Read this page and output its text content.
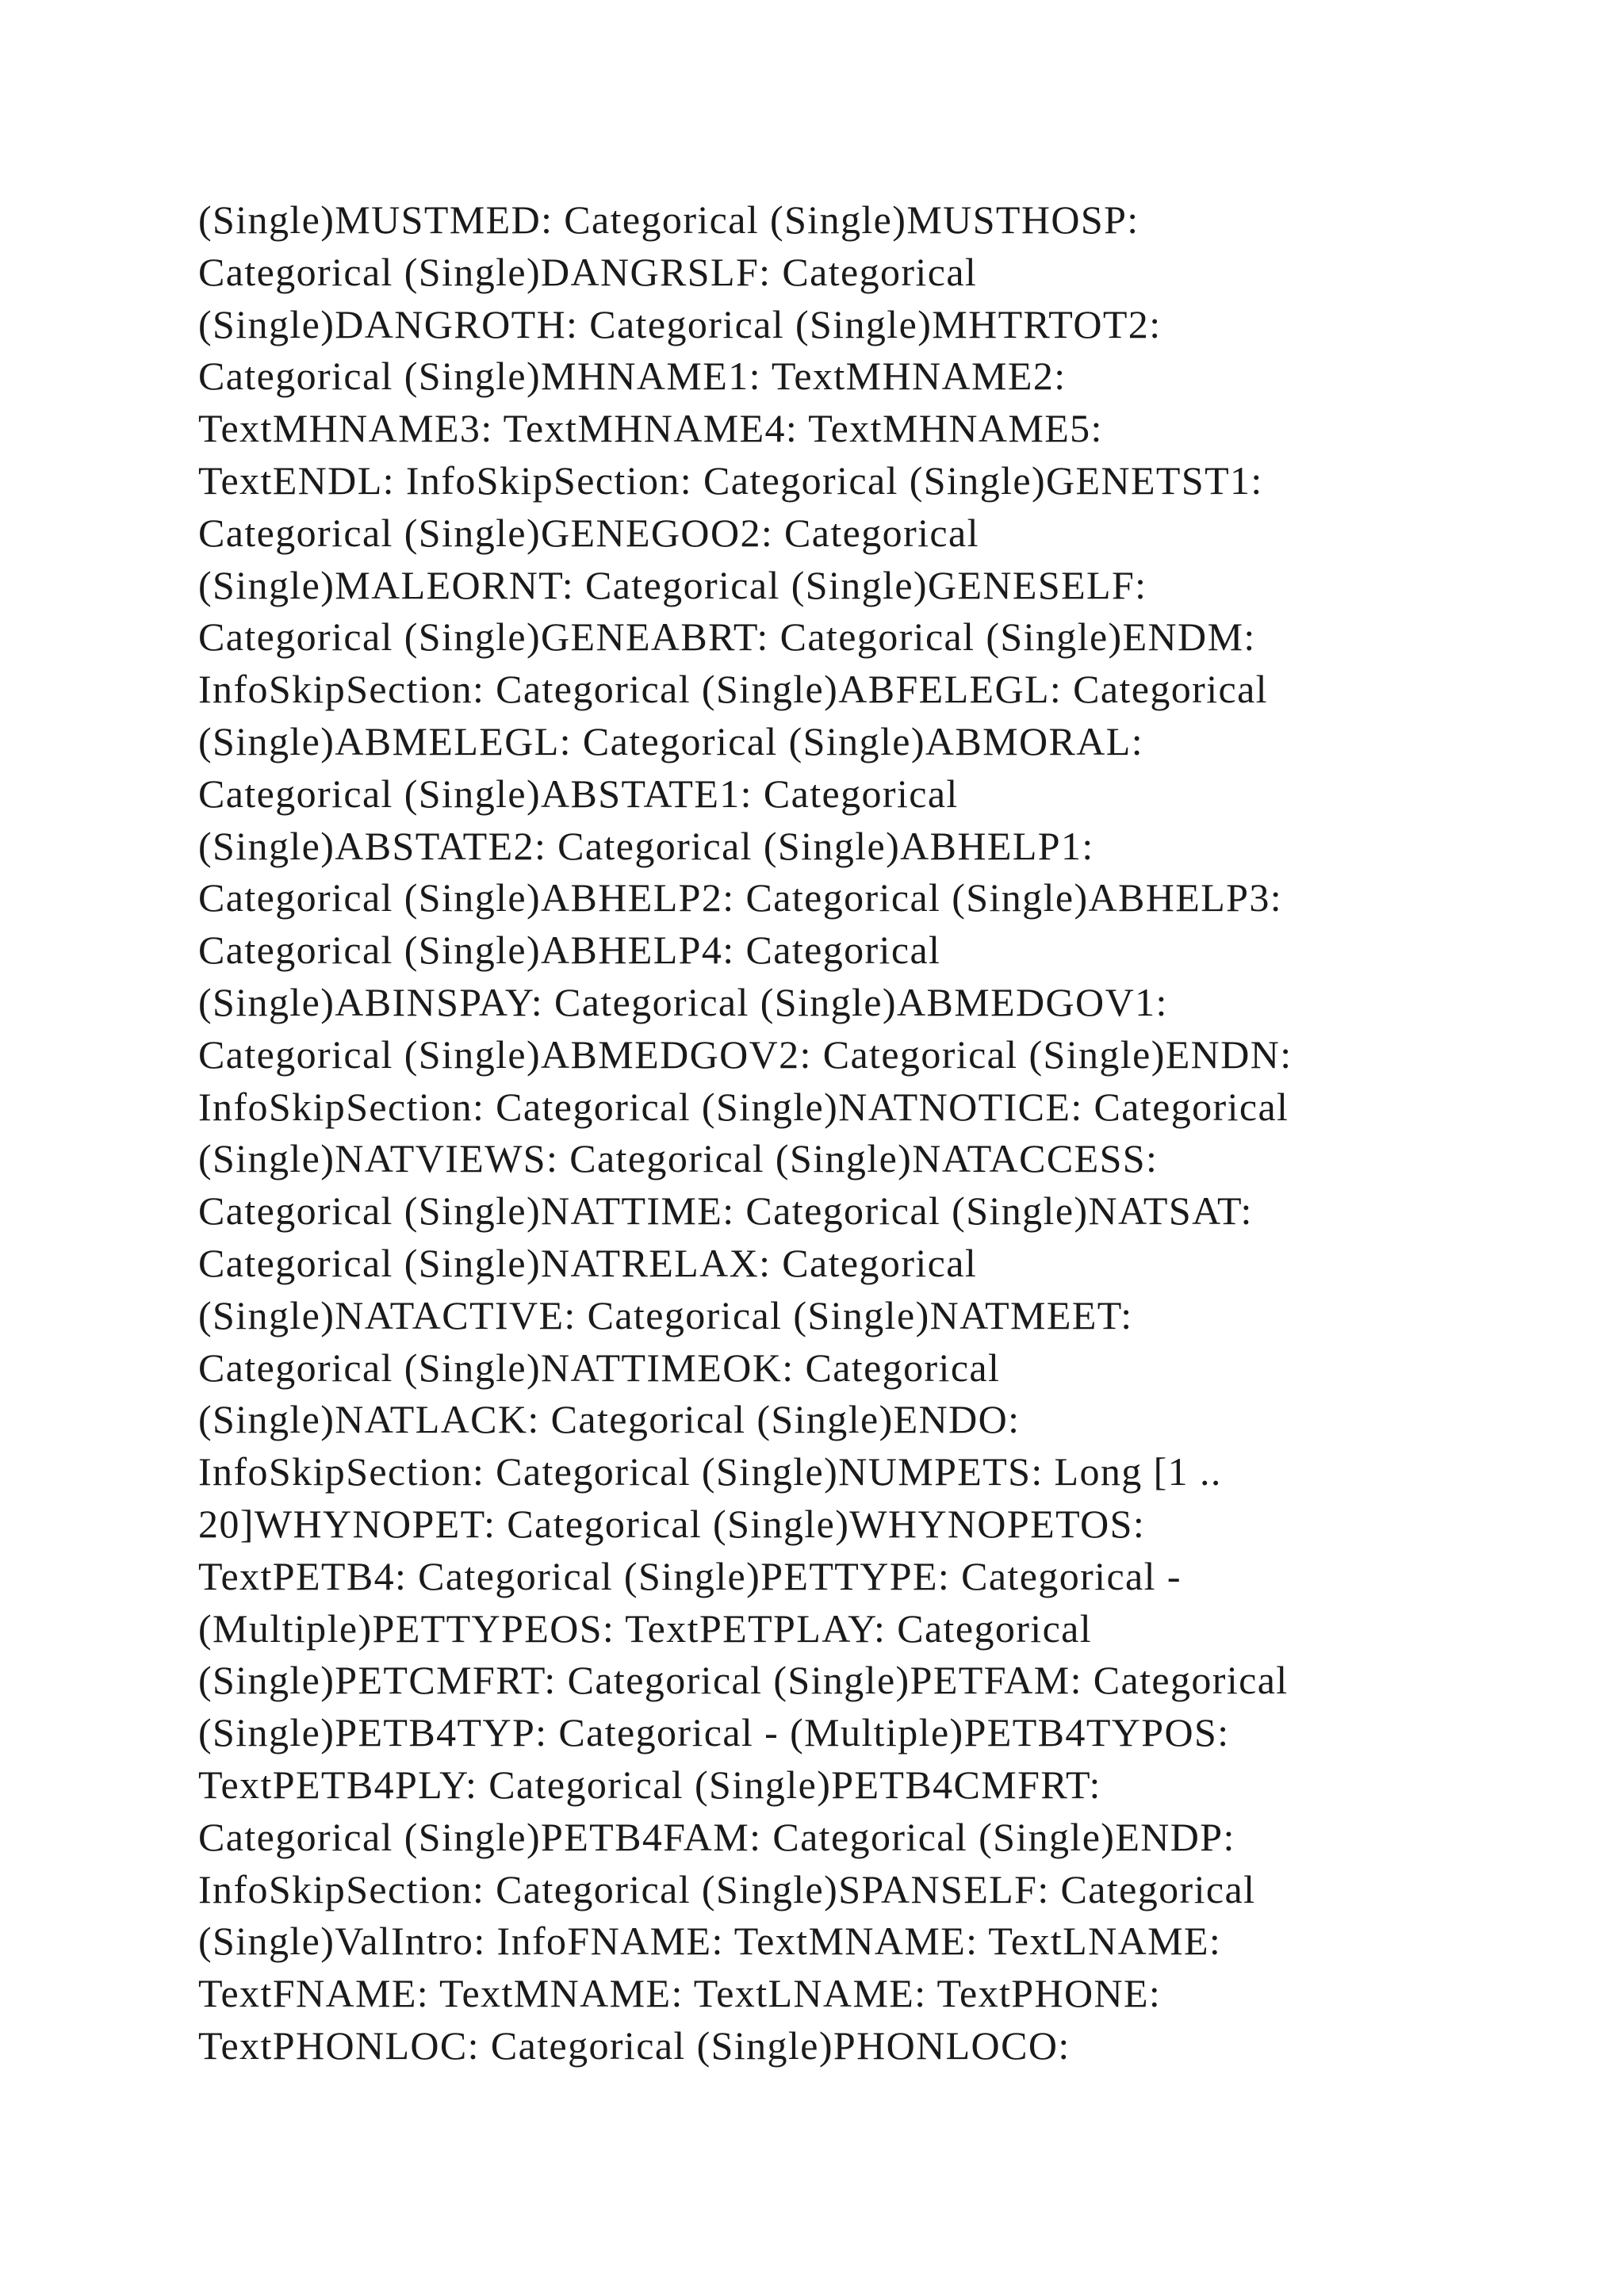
(Single)MUSTMED: Categorical (Single)MUSTHOSP:
Categorical (Single)DANGRSLF: Categorical
(Single)DANGROTH: Categorical (Single)MHTRTOT2:
Categorical (Single)MHNAME1: TextMHNAME2:
TextMHNAME3: TextMHNAME4: TextMHNAME5:
TextENDL: InfoSkipSection: Categorical (Single)GENETST1:
Categorical (Single)GENEGOO2: Categorical
(Single)MALEORNT: Categorical (Single)GENESELF:
Categorical (Single)GENEABRT: Categorical (Single)ENDM:
InfoSkipSection: Categorical (Single)ABFELEGL: Categorical
(Single)ABMELEGL: Categorical (Single)ABMORAL:
Categorical (Single)ABSTATE1: Categorical
(Single)ABSTATE2: Categorical (Single)ABHELP1:
Categorical (Single)ABHELP2: Categorical (Single)ABHELP3:
Categorical (Single)ABHELP4: Categorical
(Single)ABINSPAY: Categorical (Single)ABMEDGOV1:
Categorical (Single)ABMEDGOV2: Categorical (Single)ENDN:
InfoSkipSection: Categorical (Single)NATNOTICE: Categorical
(Single)NATVIEWS: Categorical (Single)NATACCESS:
Categorical (Single)NATTIME: Categorical (Single)NATSAT:
Categorical (Single)NATRELAX: Categorical
(Single)NATACTIVE: Categorical (Single)NATMEET:
Categorical (Single)NATTIMEOK: Categorical
(Single)NATLACK: Categorical (Single)ENDO:
InfoSkipSection: Categorical (Single)NUMPETS: Long [1 ..
20]WHYNOPET: Categorical (Single)WHYNOPETOS:
TextPETB4: Categorical (Single)PETTYPE: Categorical -
(Multiple)PETTYPEOS: TextPETPLAY: Categorical
(Single)PETCMFRT: Categorical (Single)PETFAM: Categorical
(Single)PETB4TYP: Categorical - (Multiple)PETB4TYPOS:
TextPETB4PLY: Categorical (Single)PETB4CMFRT:
Categorical (Single)PETB4FAM: Categorical (Single)ENDP:
InfoSkipSection: Categorical (Single)SPANSELF: Categorical
(Single)ValIntro: InfoFNAME: TextMNAME: TextLNAME:
TextFNAME: TextMNAME: TextLNAME: TextPHONE:
TextPHONLOC: Categorical (Single)PHONLOCO:
